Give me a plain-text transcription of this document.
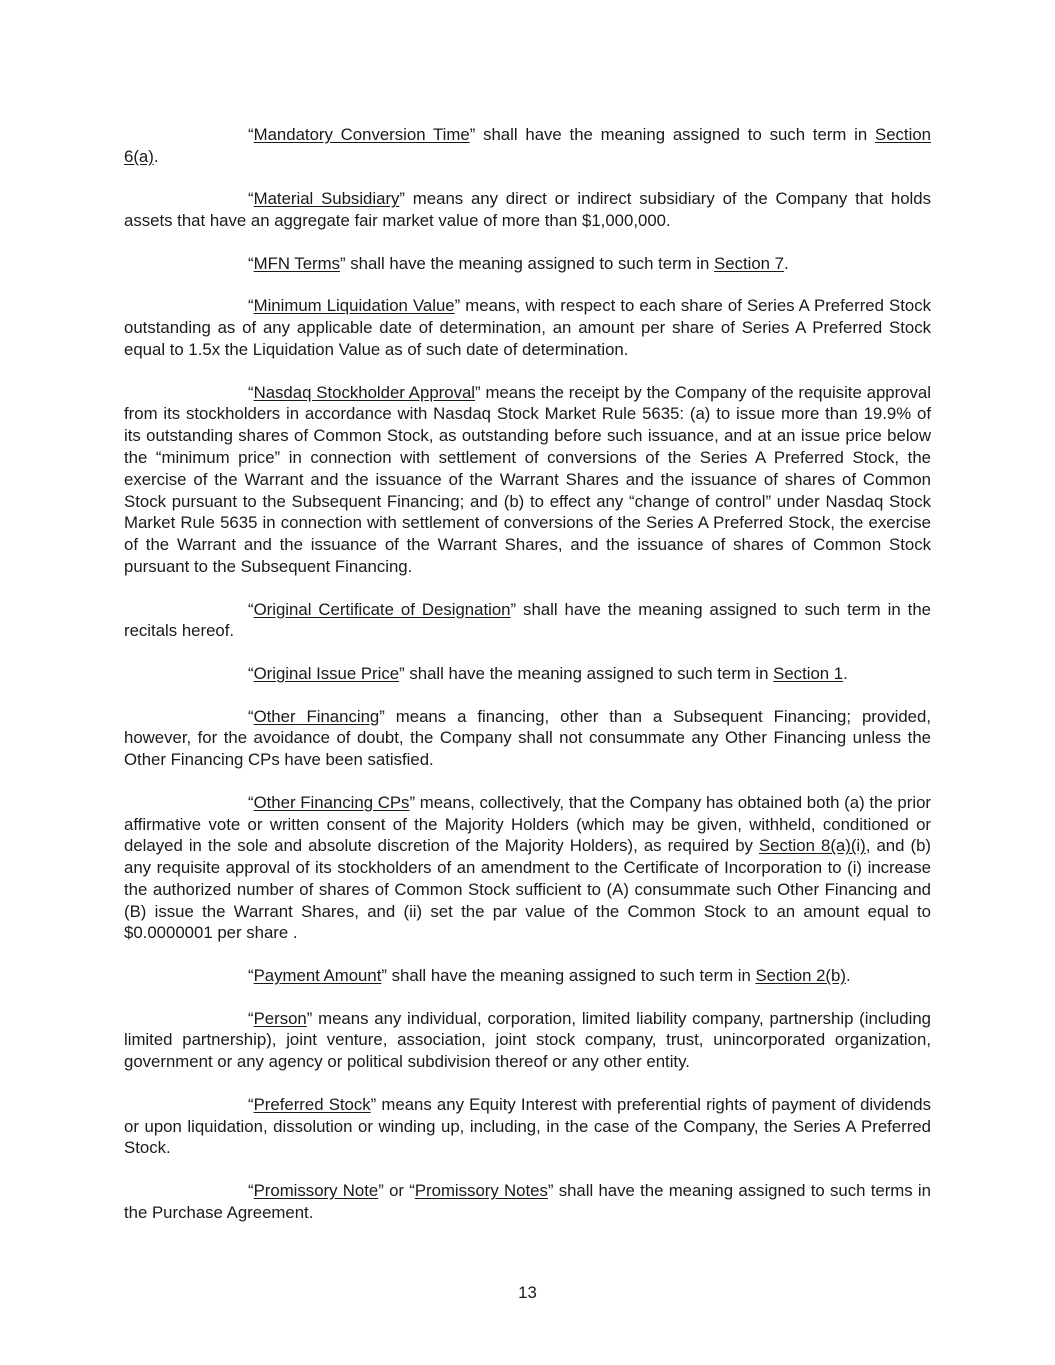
“Mandatory Conversion Time” shall have the meaning assigned to such term in Section 6(a).

“Material Subsidiary” means any direct or indirect subsidiary of the Company that holds assets that have an aggregate fair market value of more than $1,000,000.

“MFN Terms” shall have the meaning assigned to such term in Section 7.

“Minimum Liquidation Value” means, with respect to each share of Series A Preferred Stock outstanding as of any applicable date of determination, an amount per share of Series A Preferred Stock equal to 1.5x the Liquidation Value as of such date of determination.

“Nasdaq Stockholder Approval” means the receipt by the Company of the requisite approval from its stockholders in accordance with Nasdaq Stock Market Rule 5635: (a) to issue more than 19.9% of its outstanding shares of Common Stock, as outstanding before such issuance, and at an issue price below the “minimum price” in connection with settlement of conversions of the Series A Preferred Stock, the exercise of the Warrant and the issuance of the Warrant Shares and the issuance of shares of Common Stock pursuant to the Subsequent Financing; and (b) to effect any “change of control” under Nasdaq Stock Market Rule 5635 in connection with settlement of conversions of the Series A Preferred Stock, the exercise of the Warrant and the issuance of the Warrant Shares, and the issuance of shares of Common Stock pursuant to the Subsequent Financing.

“Original Certificate of Designation” shall have the meaning assigned to such term in the recitals hereof.

“Original Issue Price” shall have the meaning assigned to such term in Section 1.

“Other Financing” means a financing, other than a Subsequent Financing; provided, however, for the avoidance of doubt, the Company shall not consummate any Other Financing unless the Other Financing CPs have been satisfied.

“Other Financing CPs” means, collectively, that the Company has obtained both (a) the prior affirmative vote or written consent of the Majority Holders (which may be given, withheld, conditioned or delayed in the sole and absolute discretion of the Majority Holders), as required by Section 8(a)(i), and (b) any requisite approval of its stockholders of an amendment to the Certificate of Incorporation to (i) increase the authorized number of shares of Common Stock sufficient to (A) consummate such Other Financing and (B) issue the Warrant Shares, and (ii) set the par value of the Common Stock to an amount equal to $0.0000001 per share .

“Payment Amount” shall have the meaning assigned to such term in Section 2(b).

“Person” means any individual, corporation, limited liability company, partnership (including limited partnership), joint venture, association, joint stock company, trust, unincorporated organization, government or any agency or political subdivision thereof or any other entity.

“Preferred Stock” means any Equity Interest with preferential rights of payment of dividends or upon liquidation, dissolution or winding up, including, in the case of the Company, the Series A Preferred Stock.

“Promissory Note” or “Promissory Notes” shall have the meaning assigned to such terms in the Purchase Agreement.

13
